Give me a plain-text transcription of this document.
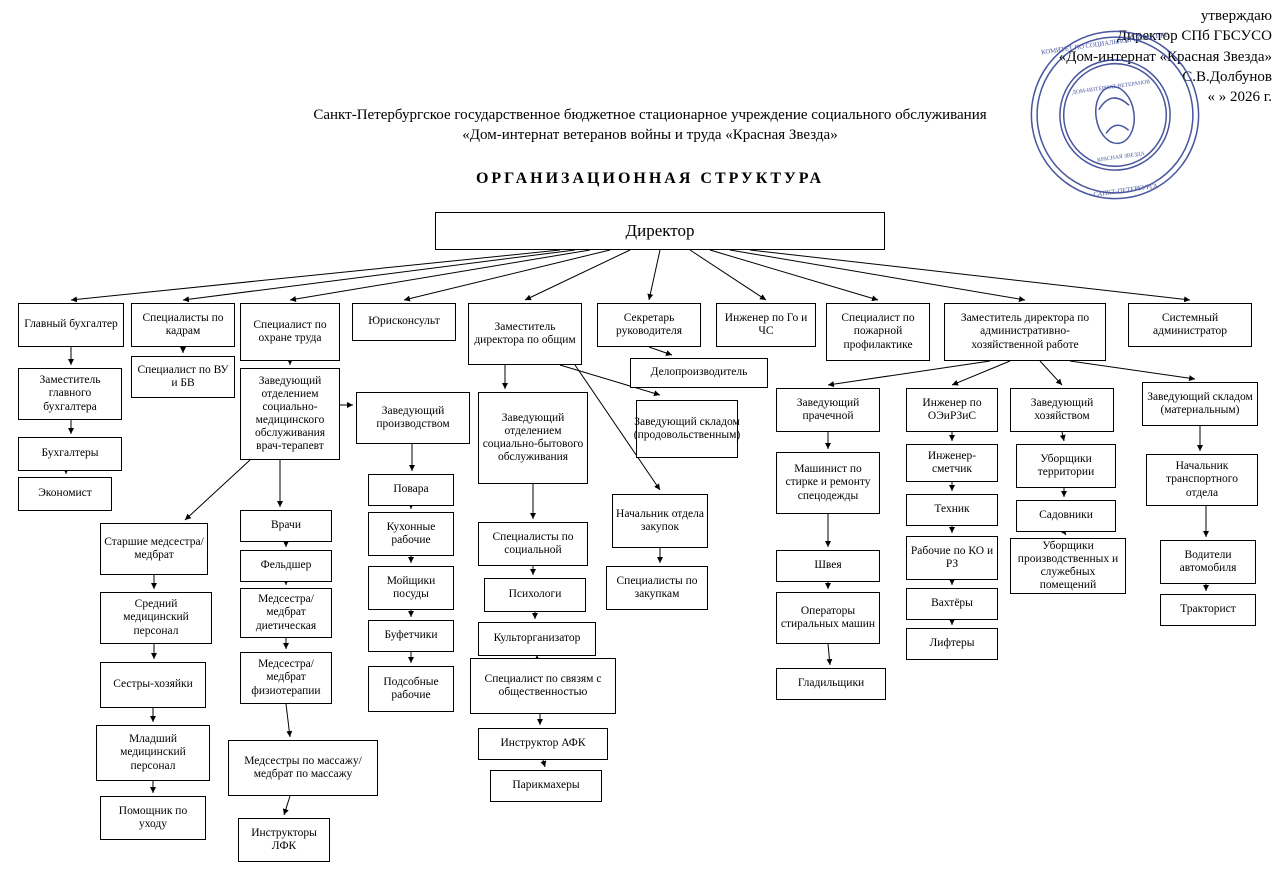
утверждаю
Директор СПб ГБСУСО
«Дом-интернат «Красная Звезда»
С.В.Долбунов
« » 2026 г.
КОМИТЕТ ПО СОЦИАЛЬНОЙ ПОЛИТИКЕ
САНКТ-ПЕТЕРБУРГА
ДОМ-ИНТЕРНАТ ВЕТЕРАНОВ
КРАСНАЯ ЗВЕЗДА
Санкт-Петербургское государственное бюджетное стационарное учреждение социального обслуживания «Дом-интернат ветеранов войны и труда «Красная Звезда»
ОРГАНИЗАЦИОННАЯ СТРУКТУРА
Директор
Главный бухгалтер
Специалисты по кадрам
Специалист по охране труда
Юрисконсульт	Заместитель директора по общим
Секретарь руководителя
Инженер по Го и ЧС
Специалист по пожарной профилактике
Заместитель директора по административно-хозяйственной работе
Системный администратор
Заместитель главного бухгалтера
Бухгалтеры
Экономист
Специалист по ВУ и БВ	Заведующий отделением социально-медицинского обслуживания врач-терапевт
Старшие медсестра/ медбрат
Средний медицинский персонал
Сестры-хозяйки
Младший медицинский персонал
Помощник по уходу
Врачи
Фельдшер
Медсестра/ медбрат диетическая
Медсестра/ медбрат физиотерапии
Медсестры по массажу/медбрат по массажу
Инструкторы ЛФК
Заведующий производством
Повара
Кухонные рабочие
Мойщики посуды
Буфетчики
Подсобные рабочие
Заведующий отделением социально-бытового обслуживания
Специалисты по социальной
Психологи
Культорганизатор
Специалист по связям с общественностью
Инструктор АФК
Парикмахеры
Делопроизводитель
Заведующий складом (продовольственным)
Начальник отдела закупок
Специалисты по закупкам
Заведующий прачечной
Машинист по стирке и ремонту спецодежды
Швея
Операторы стиральных машин
Гладильщики
Инженер по ОЭиРЗиС
Инженер-сметчик
Техник
Рабочие по КО и РЗ
Вахтёры
Лифтеры
Заведующий хозяйством
Уборщики территории
Садовники
Уборщики производственных и служебных помещений
Заведующий складом (материальным)
Начальник транспортного отдела
Водители автомобиля
Тракторист
